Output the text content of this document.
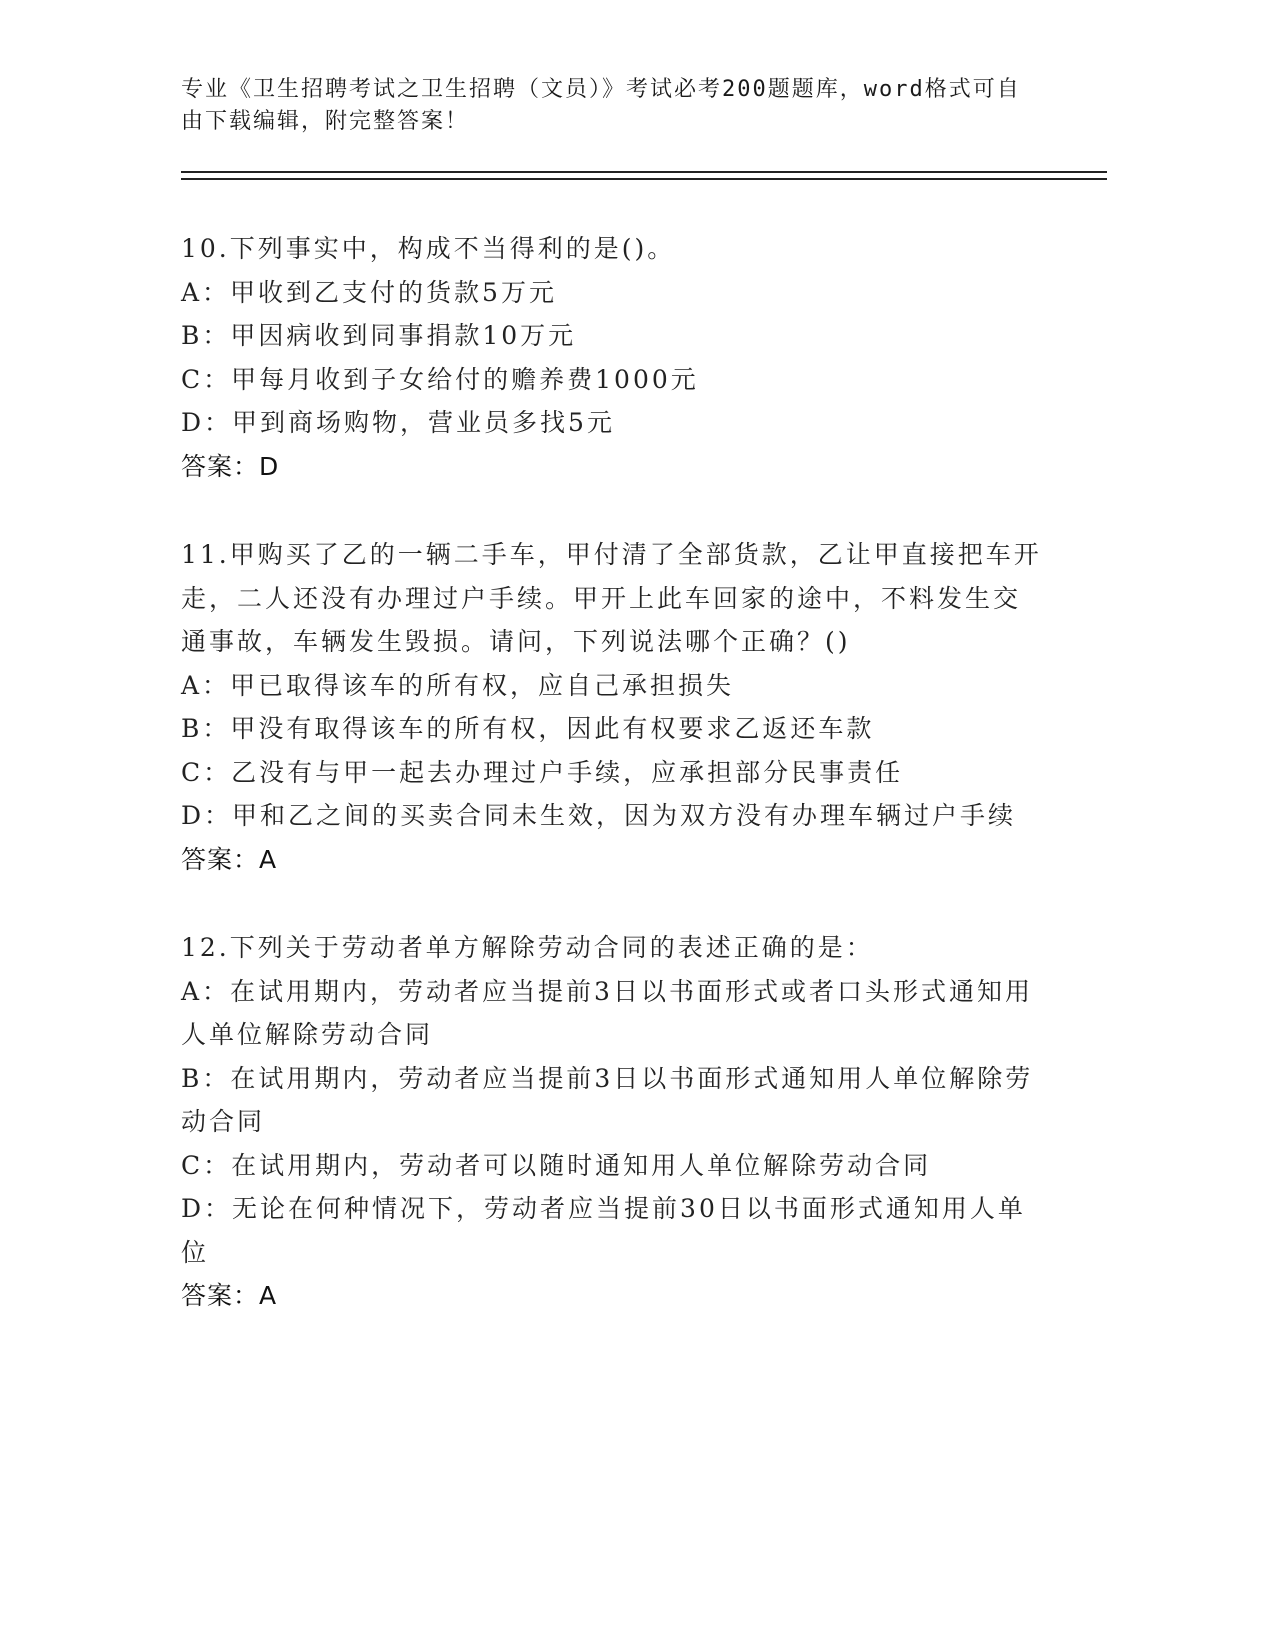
专业《卫生招聘考试之卫生招聘（文员）》考试必考200题题库，word格式可自
由下载编辑，附完整答案！
10.下列事实中，构成不当得利的是()。
A：甲收到乙支付的货款5万元
B：甲因病收到同事捐款10万元
C：甲每月收到子女给付的赡养费1000元
D：甲到商场购物，营业员多找5元
答案：D
11.甲购买了乙的一辆二手车，甲付清了全部货款，乙让甲直接把车开
走，二人还没有办理过户手续。甲开上此车回家的途中，不料发生交
通事故，车辆发生毁损。请问，下列说法哪个正确？()
A：甲已取得该车的所有权，应自己承担损失
B：甲没有取得该车的所有权，因此有权要求乙返还车款
C：乙没有与甲一起去办理过户手续，应承担部分民事责任
D：甲和乙之间的买卖合同未生效，因为双方没有办理车辆过户手续
答案：A
12.下列关于劳动者单方解除劳动合同的表述正确的是：
A：在试用期内，劳动者应当提前3日以书面形式或者口头形式通知用
人单位解除劳动合同
B：在试用期内，劳动者应当提前3日以书面形式通知用人单位解除劳
动合同
C：在试用期内，劳动者可以随时通知用人单位解除劳动合同
D：无论在何种情况下，劳动者应当提前30日以书面形式通知用人单
位
答案：A
